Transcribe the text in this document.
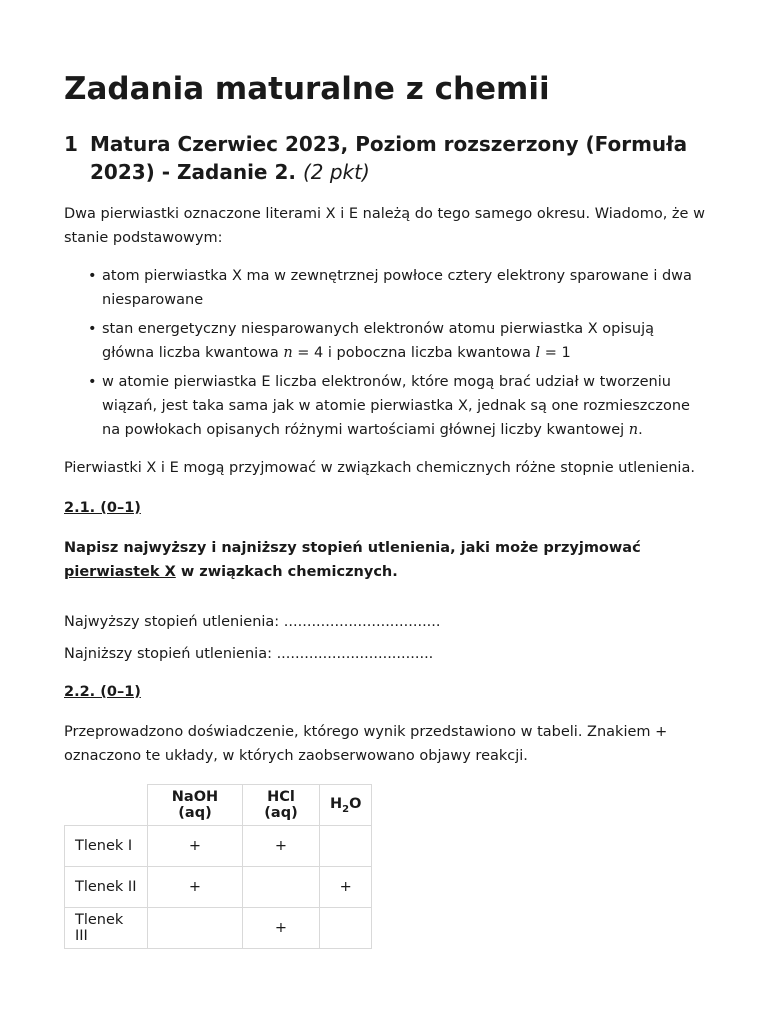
Zadania maturalne z chemii
1 Matura Czerwiec 2023, Poziom rozszerzony (Formuła 2023) - Zadanie 2. (2 pkt)
Dwa pierwiastki oznaczone literami X i E należą do tego samego okresu. Wiadomo, że w stanie podstawowym:
• atom pierwiastka X ma w zewnętrznej powłoce cztery elektrony sparowane i dwa niesparowane
• stan energetyczny niesparowanych elektronów atomu pierwiastka X opisują główna liczba kwantowa n = 4 i poboczna liczba kwantowa l = 1
• w atomie pierwiastka E liczba elektronów, które mogą brać udział w tworzeniu wiązań, jest taka sama jak w atomie pierwiastka X, jednak są one rozmieszczone na powłokach opisanych różnymi wartościami głównej liczby kwantowej n.
Pierwiastki X i E mogą przyjmować w związkach chemicznych różne stopnie utlenienia.
2.1. (0–1)
Napisz najwyższy i najniższy stopień utlenienia, jaki może przyjmować pierwiastek X w związkach chemicznych.
Najwyższy stopień utlenienia: ..................................
Najniższy stopień utlenienia: ..................................
2.2. (0–1)
Przeprowadzono doświadczenie, którego wynik przedstawiono w tabeli. Znakiem + oznaczono te układy, w których zaobserwowano objawy reakcji.
	NaOH (aq)	HCl (aq)	$H_2O$
Tlenek I	+	+	
Tlenek II	+		+
Tlenek III		+	
